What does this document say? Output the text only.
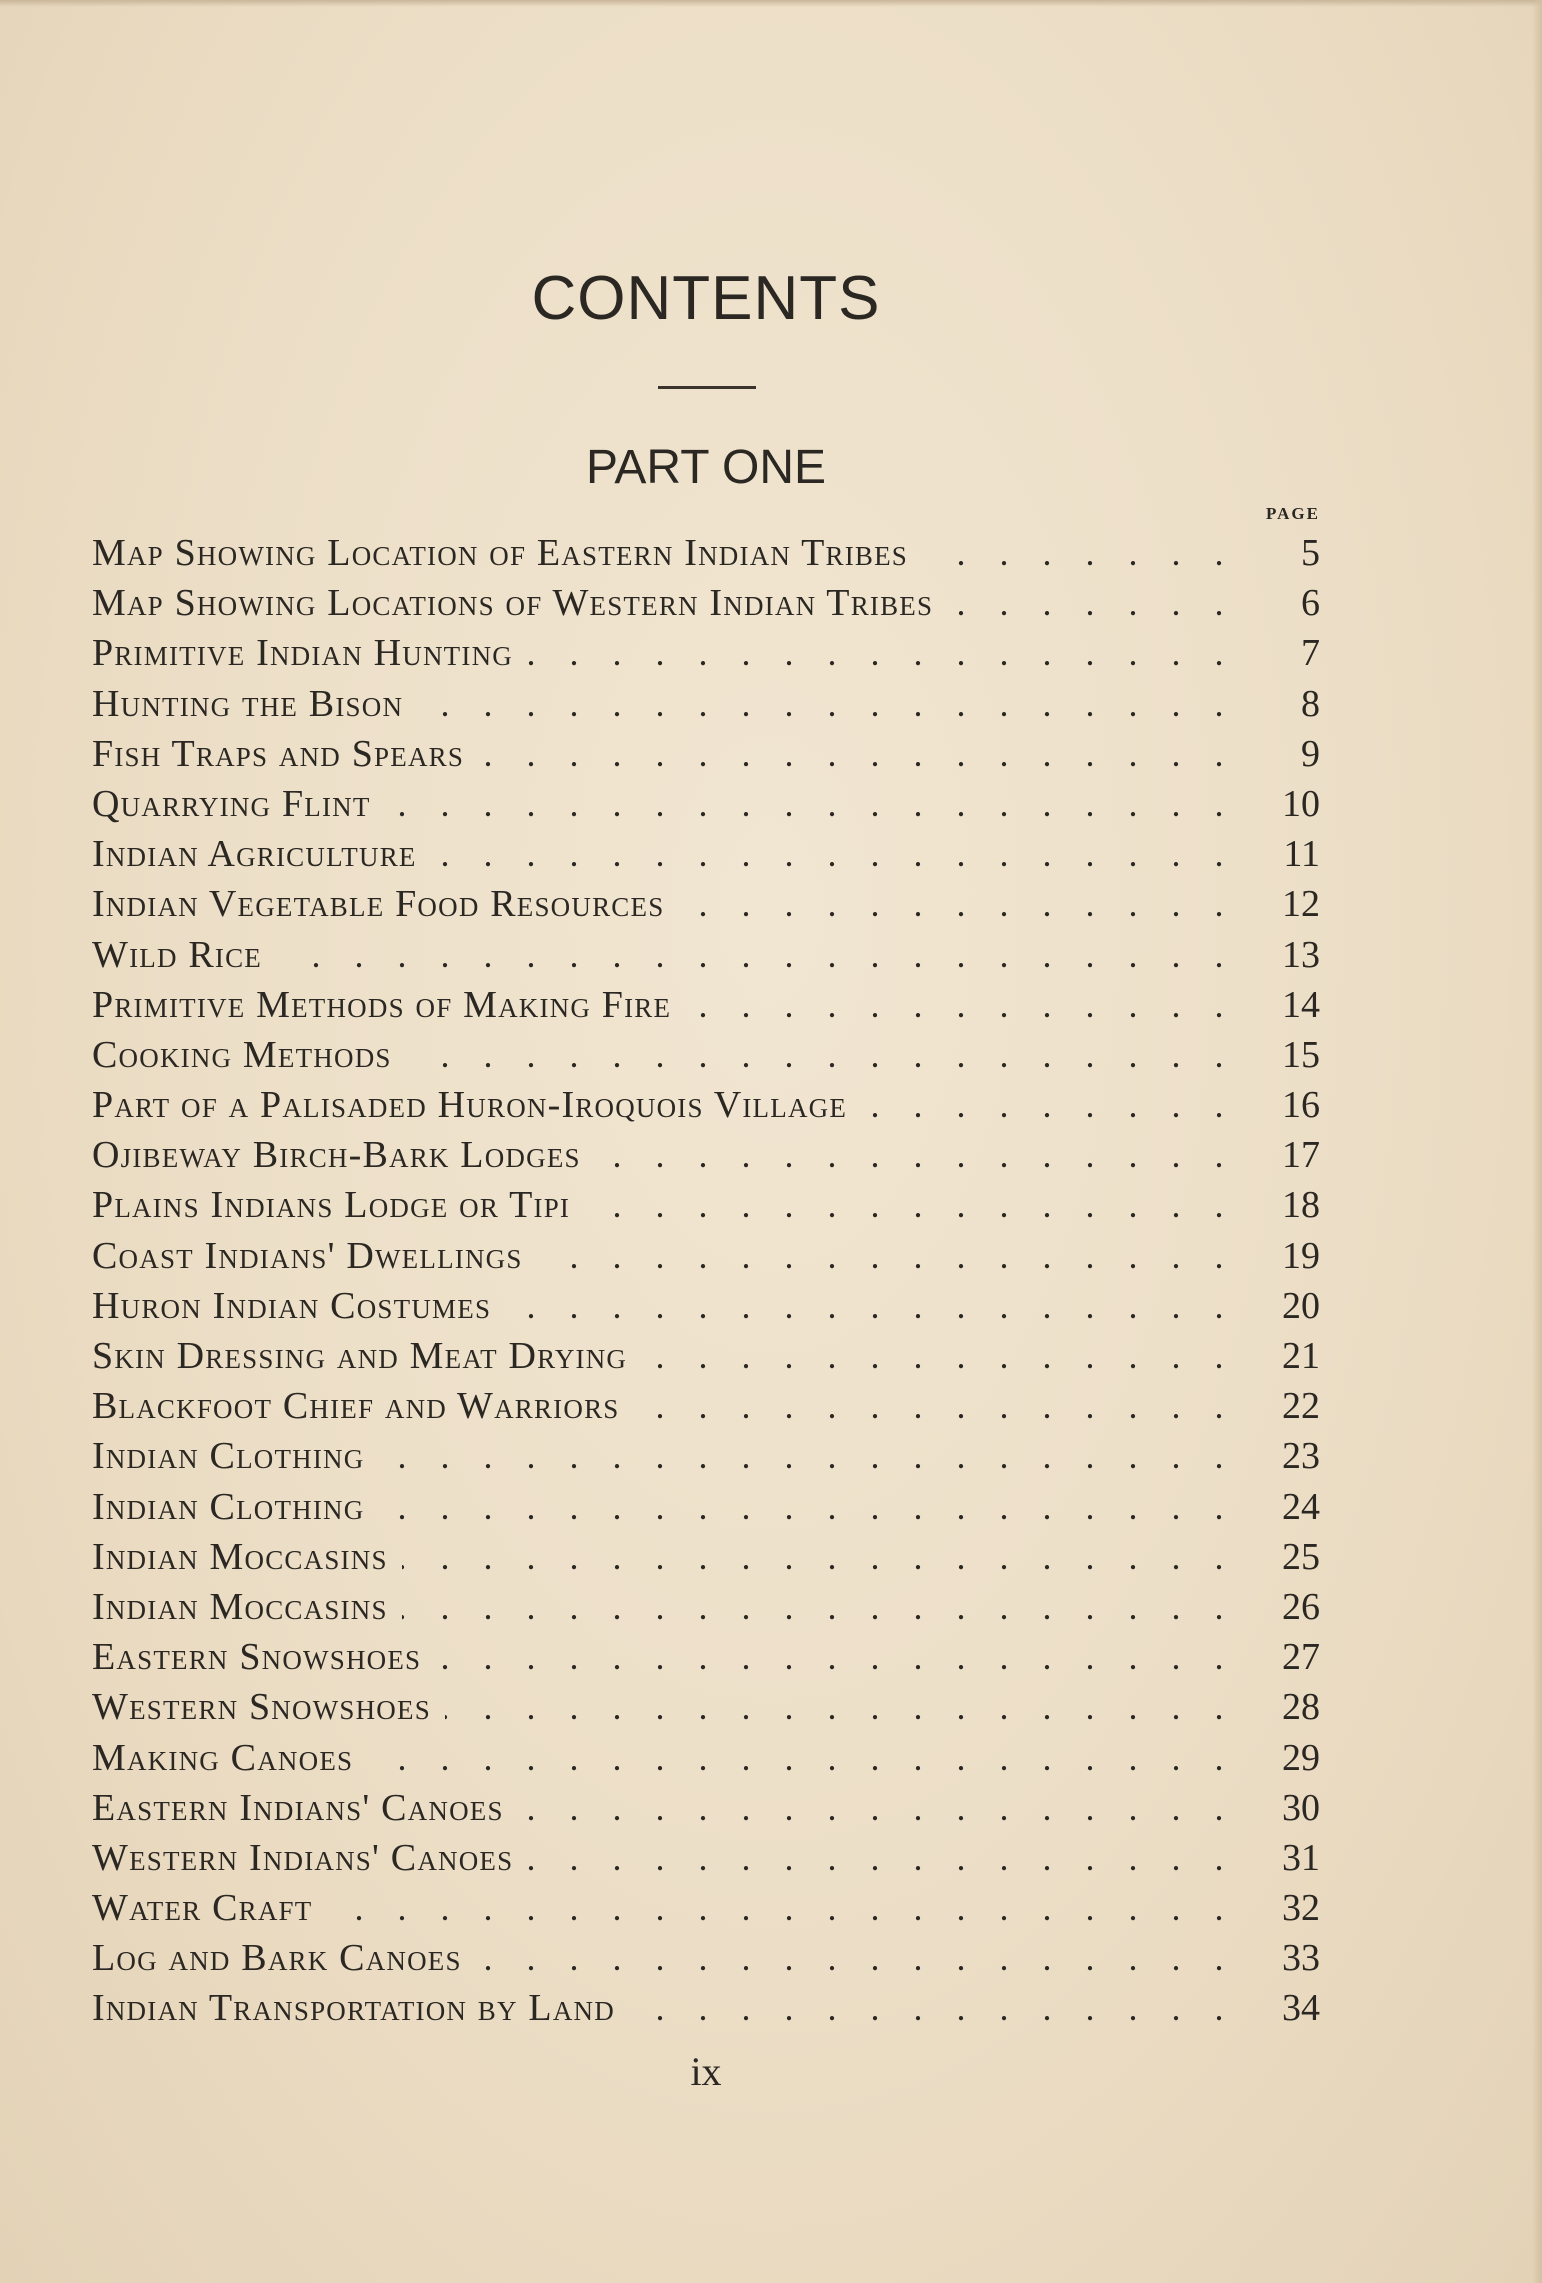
CONTENTS
PART ONE
PAGE
Map Showing Location of Eastern Indian Tribes . . .	5
Map Showing Locations of Western Indian Tribes . . .	6
Primitive Indian Hunting . . .	7
Hunting the Bison . . .	8
Fish Traps and Spears . . .	9
Quarrying Flint . . .	10
Indian Agriculture . . .	11
Indian Vegetable Food Resources . . .	12
Wild Rice . . .	13
Primitive Methods of Making Fire . . .	14
Cooking Methods . . .	15
Part of a Palisaded Huron-Iroquois Village . . .	16
Ojibeway Birch-Bark Lodges . . .	17
Plains Indians Lodge or Tipi . . .	18
Coast Indians' Dwellings . . .	19
Huron Indian Costumes . . .	20
Skin Dressing and Meat Drying . . .	21
Blackfoot Chief and Warriors . . .	22
Indian Clothing . . .	23
Indian Clothing . . .	24
Indian Moccasins . . .	25
Indian Moccasins . . .	26
Eastern Snowshoes . . .	27
Western Snowshoes . . .	28
Making Canoes . . .	29
Eastern Indians' Canoes . . .	30
Western Indians' Canoes . . .	31
Water Craft . . .	32
Log and Bark Canoes . . .	33
Indian Transportation by Land . . .	34
ix
